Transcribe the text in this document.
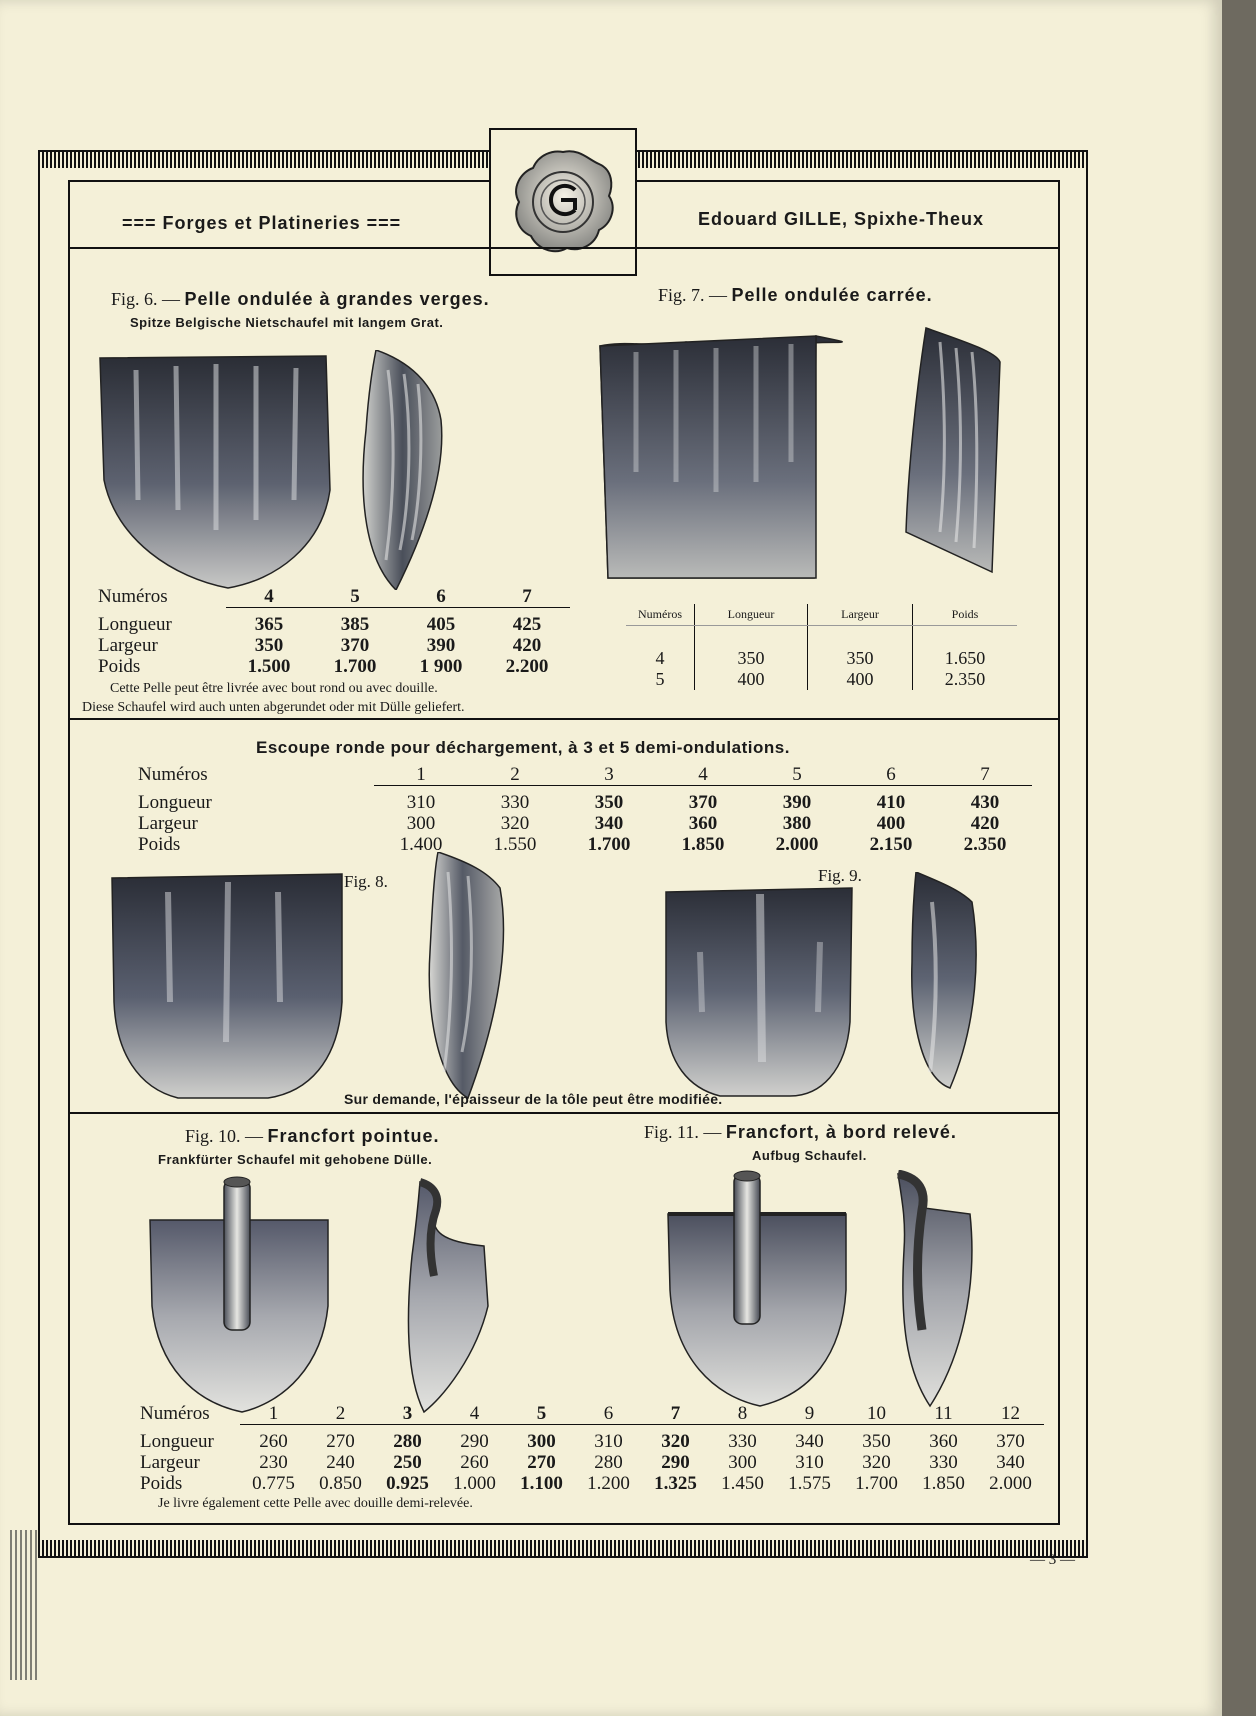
=== Forges et Platineries ===	Edouard GILLE, Spixhe-Theux
Fig. 6. — Pelle ondulée à grandes verges.
Spitze Belgische Nietschaufel mit langem Grat.
Numéros	4	5	6	7

Longueur	365	385	405	425
Largeur	350	370	390	420
Poids	1.500	1.700	1 900	2.200
Cette Pelle peut être livrée avec bout rond ou avec douille.
Diese Schaufel wird auch unten abgerundet oder mit Dülle geliefert.
Fig. 7. — Pelle ondulée carrée.
Numéros	Longueur	Largeur	Poids

4	350	350	1.650
5	400	400	2.350
Escoupe ronde pour déchargement, à 3 et 5 demi-ondulations.
Numéros	1	2	3	4	5	6	7

Longueur	310	330	350	370	390	410	430
Largeur	300	320	340	360	380	400	420
Poids	1.400	1.550	1.700	1.850	2.000	2.150	2.350
Fig. 8.	Fig. 9.
Sur demande, l'épaisseur de la tôle peut être modifiée.
Fig. 10. — Francfort pointue.
Frankfürter Schaufel mit gehobene Dülle.
Fig. 11. — Francfort, à bord relevé.
Aufbug Schaufel.
Numéros	1	2	3	4	5	6	7	8	9	10	11	12

Longueur	260	270	280	290	300	310	320	330	340	350	360	370
Largeur	230	240	250	260	270	280	290	300	310	320	330	340
Poids	0.775	0.850	0.925	1.000	1.100	1.200	1.325	1.450	1.575	1.700	1.850	2.000
Je livre également cette Pelle avec douille demi-relevée.
— 3 —
